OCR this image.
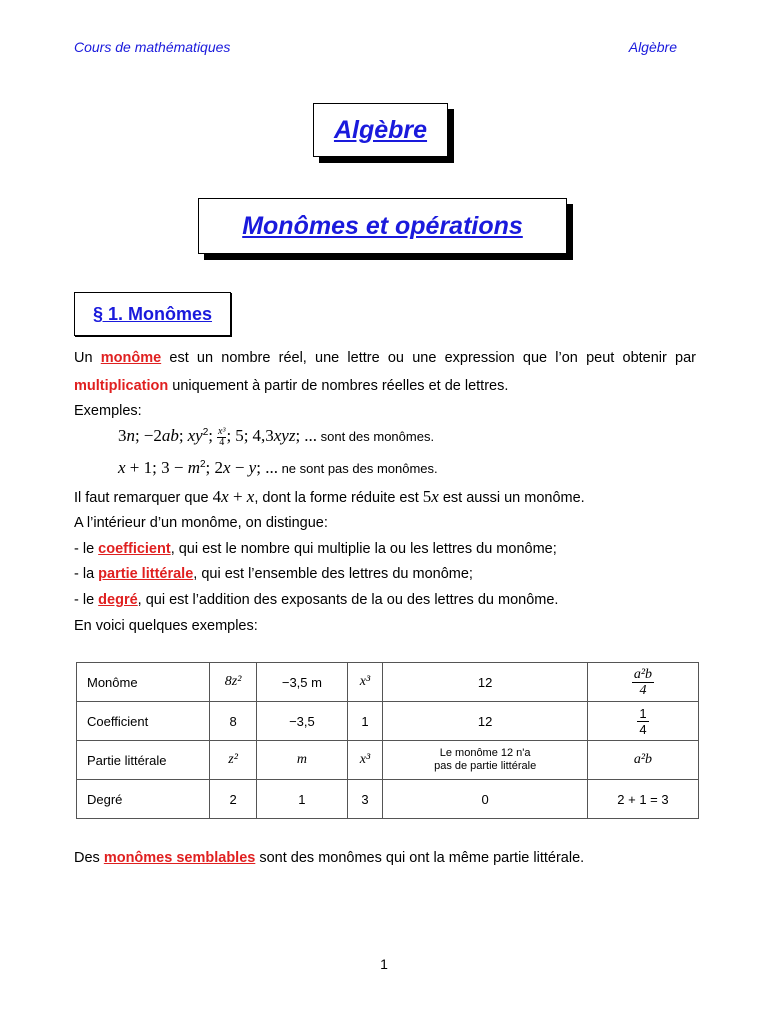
Cours de mathématiques	Algèbre
Algèbre
Monômes et opérations
§ 1. Monômes
Un monôme est un nombre réel, une lettre ou une expression que l’on peut obtenir par
multiplication uniquement à partir de nombres réelles et de lettres.
Exemples:
3n; −2ab; $xy^2$; $\frac{\text{x³}}{4}$ ; 5; 4,3xyz; ... sont des monômes.
x + 1; $3 - m^2$; 2x − y; ... ne sont pas des monômes.
Il faut remarquer que 4x + x, dont la forme réduite est 5x est aussi un monôme.
A l’intérieur d’un monôme, on distingue:
- le coefficient, qui est le nombre qui multiplie la ou les lettres du monôme;
- la partie littérale, qui est l’ensemble des lettres du monôme;
- le degré, qui est l’addition des exposants de la ou des lettres du monôme.
En voici quelques exemples:
Monôme	8z²	−3,5 m	x³	12	$\frac{\text{a²b}}{4}$

Coefficient	8	−3,5	1	12	$\frac{1}{4}$

Partie littérale	z²	m	x³	Le monôme 12 n'a
pas de partie littérale	a²b
Degré	2	1	3	0	2 + 1 = 3
Des monômes semblables sont des monômes qui ont la même partie littérale.
1
